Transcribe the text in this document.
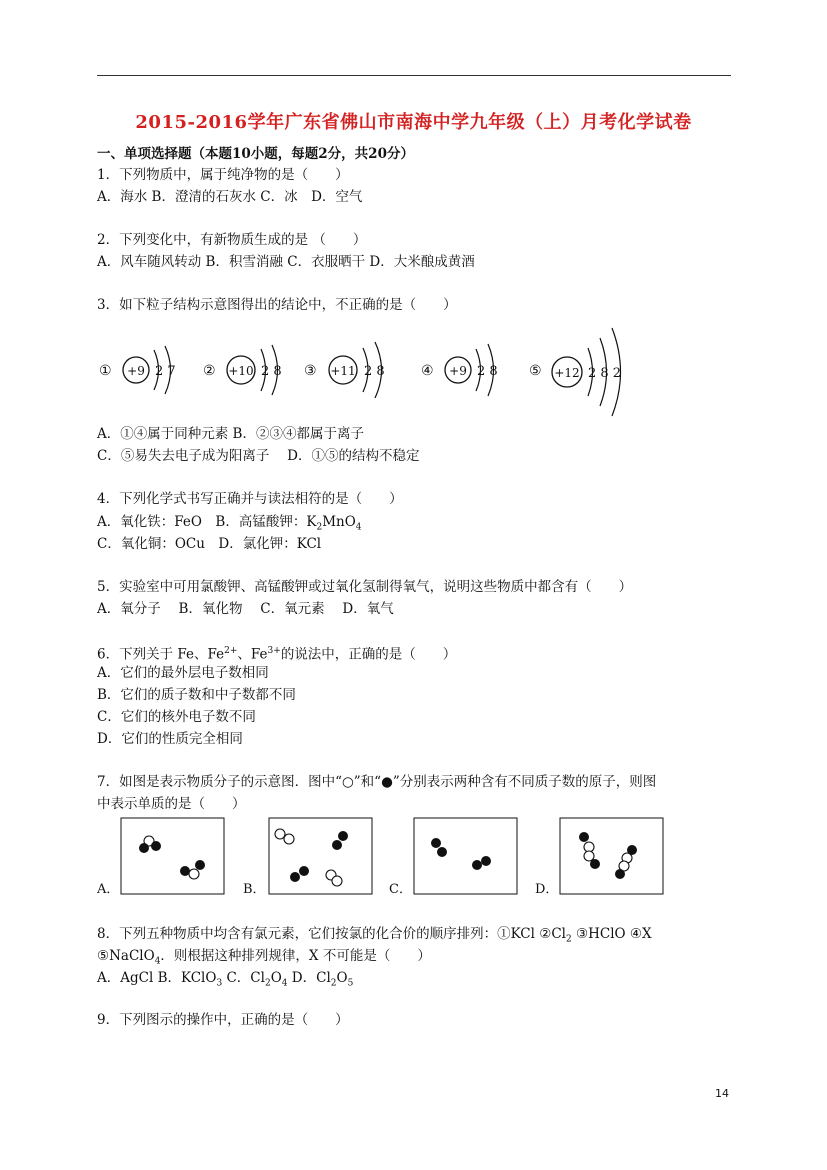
2015-2016学年广东省佛山市南海中学九年级（上）月考化学试卷
一、单项选择题（本题10小题，每题2分，共20分）
1．下列物质中，属于纯净物的是（　　）
A．海水 B．澄清的石灰水 C．冰　D．空气
2．下列变化中，有新物质生成的是 （　　）
A．风车随风转动 B．积雪消融 C．衣服晒干 D．大米酿成黄酒
3．如下粒子结构示意图得出的结论中，不正确的是（　　）
① +9 2 7 ② +10 2 8 ③ +11 2 8	④ +9 2 8 ⑤ +12 2 8 2
A．①④属于同种元素 B．②③④都属于离子
C．⑤易失去电子成为阳离子　 D．①⑤的结构不稳定
4．下列化学式书写正确并与读法相符的是（　　）
A．氧化铁：FeO　B．高锰酸钾：$K_2MnO_4$
C．氧化铜：OCu　D．氯化钾：KCl
5．实验室中可用氯酸钾、高锰酸钾或过氧化氢制得氧气，说明这些物质中都含有（　　）
A．氧分子　 B．氧化物　 C．氧元素　 D．氧气
6．下列关于 Fe、$Fe^{2+}$、$Fe^{3+}$的说法中，正确的是（　　）
A．它们的最外层电子数相同
B．它们的质子数和中子数都不同
C．它们的核外电子数不同
D．它们的性质完全相同
7．如图是表示物质分子的示意图．图中“○”和“●”分别表示两种含有不同质子数的原子，则图
中表示单质的是（　　）
A．	B．	C．	D．
8．下列五种物质中均含有氯元素，它们按氯的化合价的顺序排列：①KCl $②Cl_2$ ③HClO ④X
⑤NaClO$_4$．则根据这种排列规律，X 不可能是（　　）
A．AgCl B．KClO$_3$ C．$Cl_2O_4$ D．$Cl_2O_5$
9．下列图示的操作中，正确的是（　　）
14
